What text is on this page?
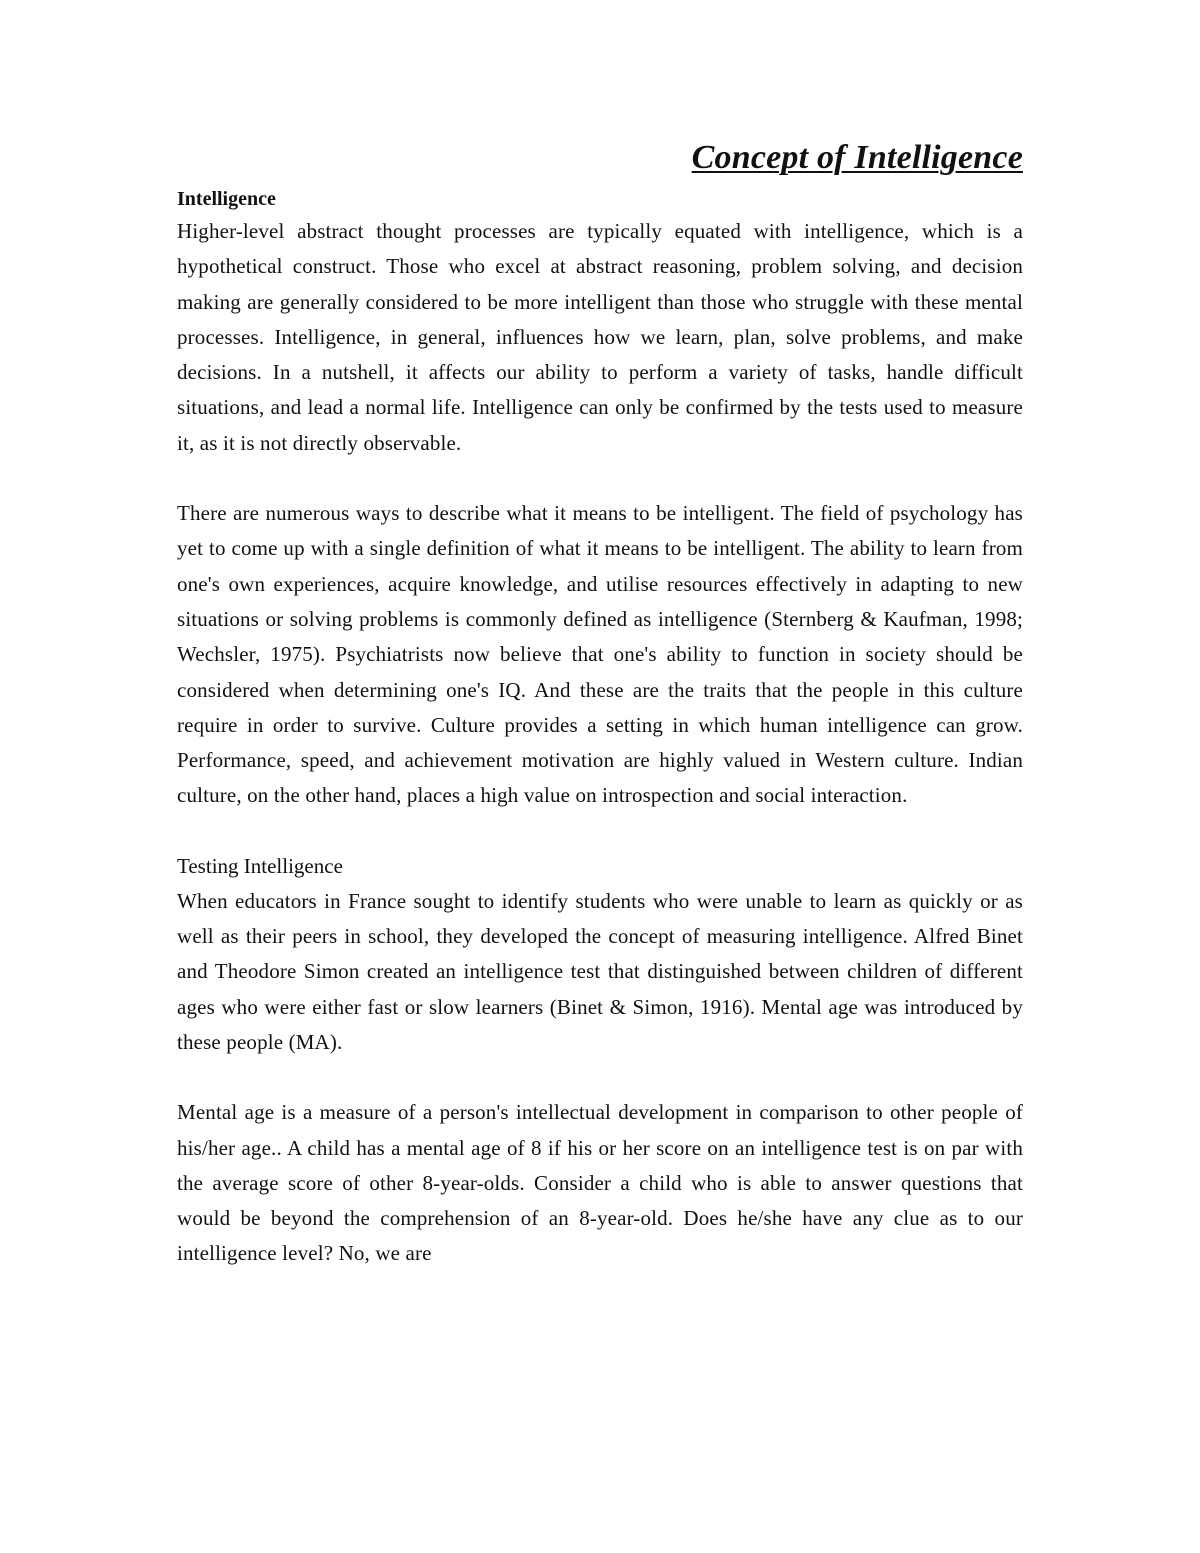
Concept of Intelligence
Intelligence

Higher-level abstract thought processes are typically equated with intelligence, which is a hypothetical construct. Those who excel at abstract reasoning, problem solving, and decision making are generally considered to be more intelligent than those who struggle with these mental processes. Intelligence, in general, influences how we learn, plan, solve problems, and make decisions. In a nutshell, it affects our ability to perform a variety of tasks, handle difficult situations, and lead a normal life. Intelligence can only be confirmed by the tests used to measure it, as it is not directly observable.

There are numerous ways to describe what it means to be intelligent. The field of psychology has yet to come up with a single definition of what it means to be intelligent. The ability to learn from one's own experiences, acquire knowledge, and utilise resources effectively in adapting to new situations or solving problems is commonly defined as intelligence (Sternberg & Kaufman, 1998; Wechsler, 1975). Psychiatrists now believe that one's ability to function in society should be considered when determining one's IQ. And these are the traits that the people in this culture require in order to survive. Culture provides a setting in which human intelligence can grow. Performance, speed, and achievement motivation are highly valued in Western culture. Indian culture, on the other hand, places a high value on introspection and social interaction.

Testing Intelligence

When educators in France sought to identify students who were unable to learn as quickly or as well as their peers in school, they developed the concept of measuring intelligence. Alfred Binet and Theodore Simon created an intelligence test that distinguished between children of different ages who were either fast or slow learners (Binet & Simon, 1916). Mental age was introduced by these people (MA).

Mental age is a measure of a person's intellectual development in comparison to other people of his/her age.. A child has a mental age of 8 if his or her score on an intelligence test is on par with the average score of other 8-year-olds. Consider a child who is able to answer questions that would be beyond the comprehension of an 8-year-old. Does he/she have any clue as to our intelligence level? No, we are
